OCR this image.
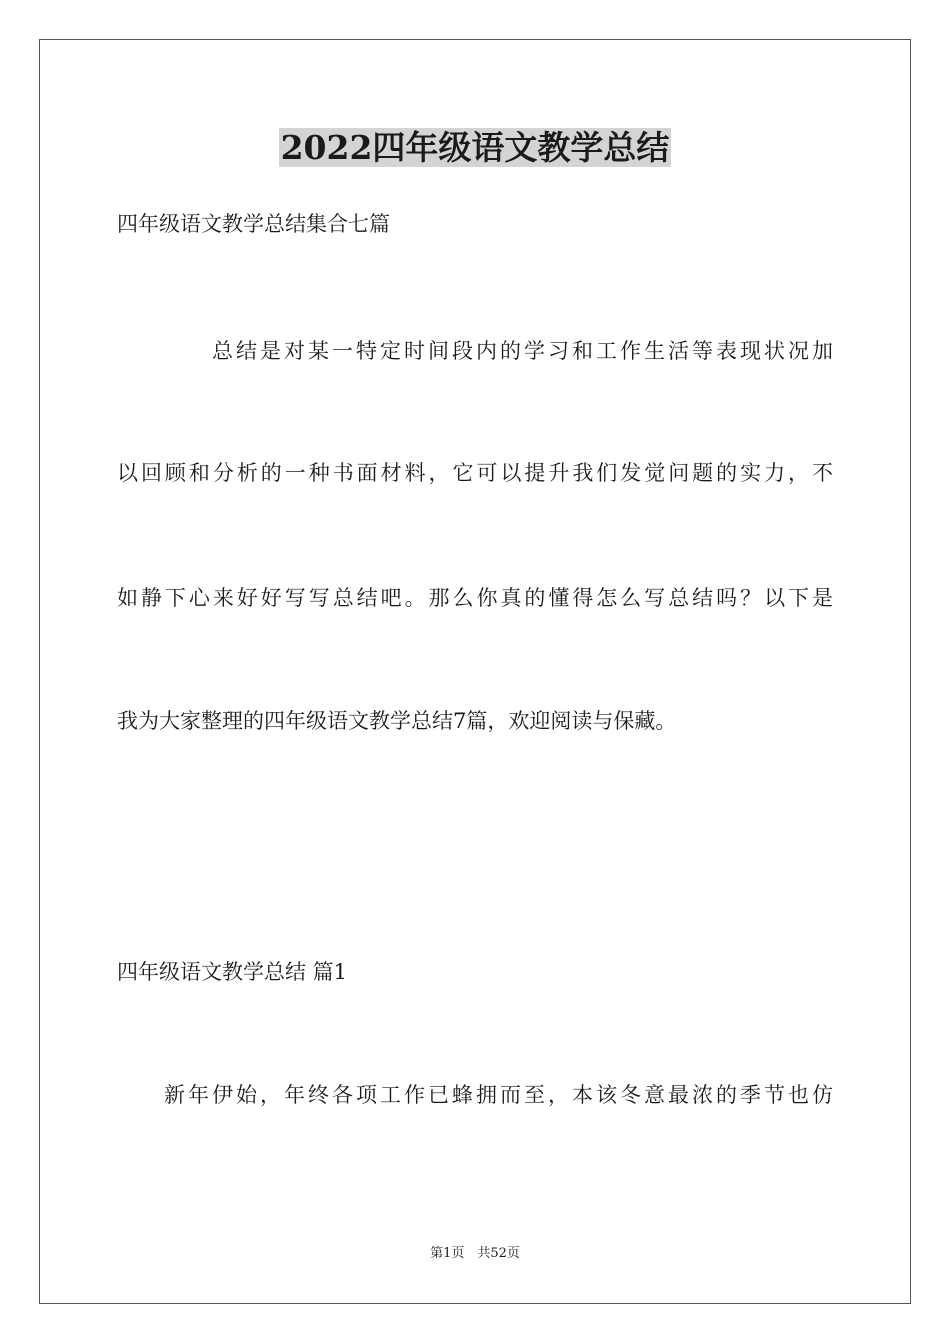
2022四年级语文教学总结
四年级语文教学总结集合七篇
总结是对某一特定时间段内的学习和工作生活等表现状况加
以回顾和分析的一种书面材料，它可以提升我们发觉问题的实力，不
如静下心来好好写写总结吧。那么你真的懂得怎么写总结吗？以下是
我为大家整理的四年级语文教学总结7篇，欢迎阅读与保藏。
四年级语文教学总结 篇1
新年伊始，年终各项工作已蜂拥而至，本该冬意最浓的季节也仿
第1页　共52页
